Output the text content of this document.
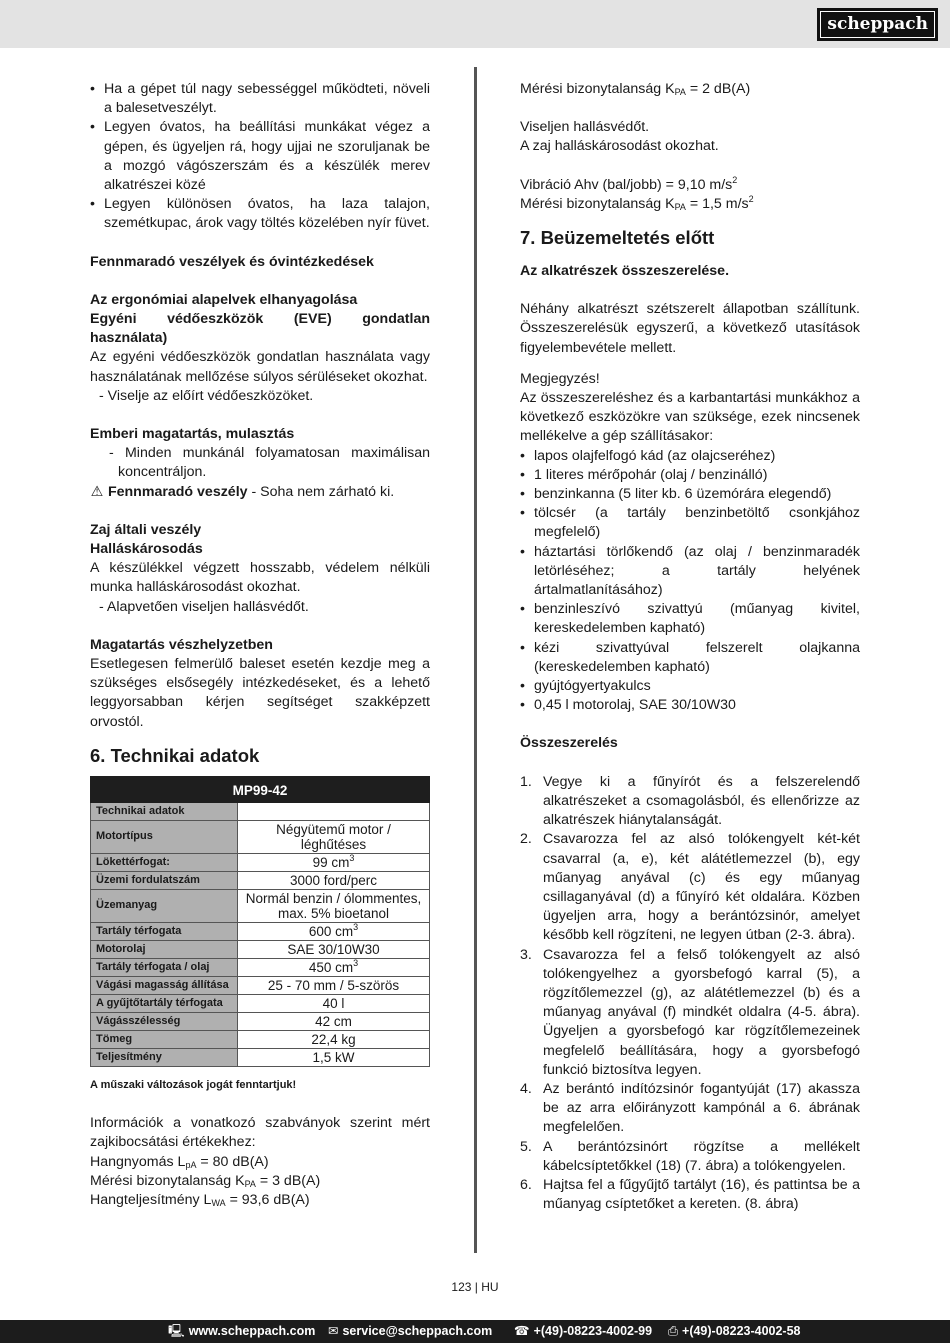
scheppach
• Ha a gépet túl nagy sebességgel működteti, növeli a balesetveszélyt.
• Legyen óvatos, ha beállítási munkákat végez a gépen, és ügyeljen rá, hogy ujjai ne szoruljanak be a mozgó vágószerszám és a készülék merev alkatrészei közé
• Legyen különösen óvatos, ha laza talajon, szemétkupac, árok vagy töltés közelében nyír füvet.

Fennmaradó veszélyek és óvintézkedések

Az ergonómiai alapelvek elhanyagolása

Egyéni védőeszközök (EVE) gondatlan használata)

Az egyéni védőeszközök gondatlan használata vagy használatának mellőzése súlyos sérüléseket okozhat.

- Viselje az előírt védőeszközöket.

Emberi magatartás, mulasztás

- Minden munkánál folyamatosan maximálisan koncentráljon.

⚠ Fennmaradó veszély - Soha nem zárható ki.

Zaj általi veszély

Halláskárosodás

A készülékkel végzett hosszabb, védelem nélküli munka halláskárosodást okozhat.

- Alapvetően viseljen hallásvédőt.

Magatartás vészhelyzetben

Esetlegesen felmerülő baleset esetén kezdje meg a szükséges elsősegély intézkedéseket, és a lehető leggyorsabban kérjen segítséget szakképzett orvostól.

6. Technikai adatok
MP99-42	
Technikai adatok	
Motortípus	Négyütemű motor / léghűtéses
Lökettérfogat:	99 $cm^3$
Üzemi fordulatszám	3000 ford/perc
Üzemanyag	Normál benzin / ólommentes, max. 5% bioetanol
Tartály térfogata	600 $cm^3$
Motorolaj	SAE 30/10W30
Tartály térfogata / olaj	450 $cm^3$
Vágási magasság állítása	25 - 70 mm / 5-szörös
A gyűjtőtartály térfogata	40 l
Vágásszélesség	42 cm
Tömeg	22,4 kg
Teljesítmény	1,5 kW

A műszaki változások jogát fenntartjuk!

Információk a vonatkozó szabványok szerint mért zajkibocsátási értékekhez:

Hangnyomás $L_{pA} = 80$ dB(A)

Mérési bizonytalanság $K_{PA} = 3$ dB(A)

Hangteljesítmény $L_{WA} = 93,6$ dB(A)

Mérési bizonytalanság $K_{PA} = 2$ dB(A)

Viseljen hallásvédőt.

A zaj halláskárosodást okozhat.

Vibráció Ahv (bal/jobb) = 9,10 $m/s^2$

Mérési bizonytalanság $K_{PA} = 1,5$ $m/s^2$

7. Beüzemeltetés előtt

Az alkatrészek összeszerelése.

Néhány alkatrészt szétszerelt állapotban szállítunk. Összeszerelésük egyszerű, a következő utasítások figyelembevétele mellett.

Megjegyzés!

Az összeszereléshez és a karbantartási munkákhoz a következő eszközökre van szüksége, ezek nincsenek mellékelve a gép szállításakor:

• lapos olajfelfogó kád (az olajcseréhez)
• 1 literes mérőpohár (olaj / benzinálló)
• benzinkanna (5 liter kb. 6 üzemórára elegendő)
• tölcsér (a tartály benzinbetöltő csonkjához megfelelő)
• háztartási törlőkendő (az olaj / benzinmaradék letörléséhez; a tartály helyének ártalmatlanításához)
• benzinleszívó szivattyú (műanyag kivitel, kereskedelemben kapható)
• kézi szivattyúval felszerelt olajkanna (kereskedelemben kapható)
• gyújtógyertyakulcs
• 0,45 l motorolaj, SAE 30/10W30

Összeszerelés

1. Vegye ki a fűnyírót és a felszerelendő alkatrészeket a csomagolásból, és ellenőrizze az alkatrészek hiánytalanságát.
2. Csavarozza fel az alsó tolókengyelt két-két csavarral (a, e), két alátétlemezzel (b), egy műanyag anyával (c) és egy műanyag csillaganyával (d) a fűnyíró két oldalára. Közben ügyeljen arra, hogy a berántózsinór, amelyet később kell rögzíteni, ne legyen útban (2-3. ábra).
3. Csavarozza fel a felső tolókengyelt az alsó tolókengyelhez a gyorsbefogó karral (5), a rögzítőlemezzel (g), az alátétlemezzel (b) és a műanyag anyával (f) mindkét oldalra (4-5. ábra). Ügyeljen a gyorsbefogó kar rögzítőlemezeinek megfelelő beállítására, hogy a gyorsbefogó funkció biztosítva legyen.
4. Az berántó indítózsinór fogantyúját (17) akassza be az arra előirányzott kampónál a 6. ábrának megfelelően.
5. A berántózsinórt rögzítse a mellékelt kábelcsíptetőkkel (18) (7. ábra) a tolókengyelen.
6. Hajtsa fel a fűgyűjtő tartályt (16), és pattintsa be a műanyag csíptetőket a kereten. (8. ábra)
123 | HU
🖳 www.scheppach.com ✉ service@scheppach.com ☎ +(49)-08223-4002-99 ⎙ +(49)-08223-4002-58
